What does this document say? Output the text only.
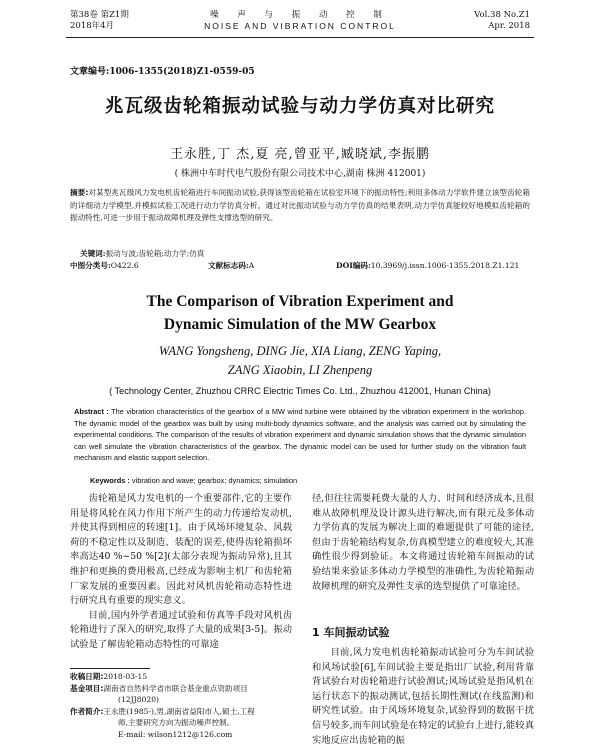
第38卷 第Z1期
2018年4月
噪 声 与 振 动 控 制
NOISE AND VIBRATION CONTROL
Vol.38 No.Z1
Apr. 2018
文章编号:1006-1355(2018)Z1-0559-05
兆瓦级齿轮箱振动试验与动力学仿真对比研究
王永胜,丁 杰,夏 亮,曾亚平,臧晓斌,李振鹏
( 株洲中车时代电气股份有限公司技术中心,湖南 株洲 412001)
摘要:对某型兆瓦级风力发电机齿轮箱进行车间振动试验,获得该型齿轮箱在试验室环境下的振动特性;利用多体动力学软件建立该型齿轮箱的详细动力学模型,并模拟试验工况进行动力学仿真分析。通过对比振动试验与动力学仿真的结果表明,动力学仿真能较好地模拟齿轮箱的振动特性,可进一步用于振动故障机理及弹性支撑选型的研究。
关键词:振动与波;齿轮箱;动力学;仿真
中图分类号:O422.6	文献标志码:A	DOI编码:10.3969/j.issn.1006-1355.2018.Z1.121
The Comparison of Vibration Experiment and
Dynamic Simulation of the MW Gearbox
WANG Yongsheng, DING Jie, XIA Liang, ZENG Yaping,
ZANG Xiaobin, LI Zhenpeng
( Technology Center, Zhuzhou CRRC Electric Times Co. Ltd., Zhuzhou 412001, Hunan China)
Abstract : The vibration characteristics of the gearbox of a MW wind turbine were obtained by the vibration experiment in the workshop. The dynamic model of the gearbox was built by using multi-body dynamics software, and the analysis was carried out by simulating the experimental conditions. The comparison of the results of vibration experiment and dynamic simulation shows that the dynamic simulation can well simulate the vibration characteristics of the gearbox. The dynamic model can be used for further study on the vibration fault mechanism and elastic support selection.
Keywords : vibration and wave; gearbox; dynamics; simulation

齿轮箱是风力发电机的一个重要部件,它的主要作用是将风轮在风力作用下所产生的动力传递给发动机,并使其得到相应的转速[1]。由于风场环境复杂、风载荷的不稳定性以及制造、装配的误差,使得齿轮箱损坏率高达40 %~50 %[2](太部分表现为振动异常),且其维护和更换的费用极高,已经成为影响主机厂和齿轮箱厂家发展的重要因素。因此对风机齿轮箱动态特性进行研究具有重要的现实意义。

目前,国内外学者通过试验和仿真等手段对风机齿轮箱进行了深入的研究,取得了大量的成果[3-5]。振动试验是了解齿轮箱动态特性的可靠途

径,但往往需要耗费大量的人力、时间和经济成本,且很难从故障机理及设计源头进行解决,而有限元及多体动力学仿真的发展为解决上面的难题提供了可能的途径,但由于齿轮箱结构复杂,仿真模型建立的难度较大,其准确性很少得到验证。本文将通过齿轮箱车间振动的试验结果来验证多体动力学模型的准确性,为齿轮箱振动故障机理的研究及弹性支承的选型提供了可靠途径。

1 车间振动试验

目前,风力发电机齿轮箱振动试验可分为车间试验和风场试验[6],车间试验主要是指出厂试验,利用背靠背试验台对齿轮箱进行试验测试;风场试验是指风机在运行状态下的振动测试,包括长期性测试(在线监测)和研究性试验。由于风场环境复杂,试验得到的数据干扰信号较多,而车间试验是在特定的试验台上进行,能较真实地反应出齿轮箱的振

收稿日期:2018-03-15
基金项目:湖南省自然科学省市联合基金重点资助项目
(12JJ8020)
作者简介:王永胜(1985-),男,湖南省益阳市人,硕士,工程
师,主要研究方向为振动噪声控制。
E-mail: wilson1212@126.com
